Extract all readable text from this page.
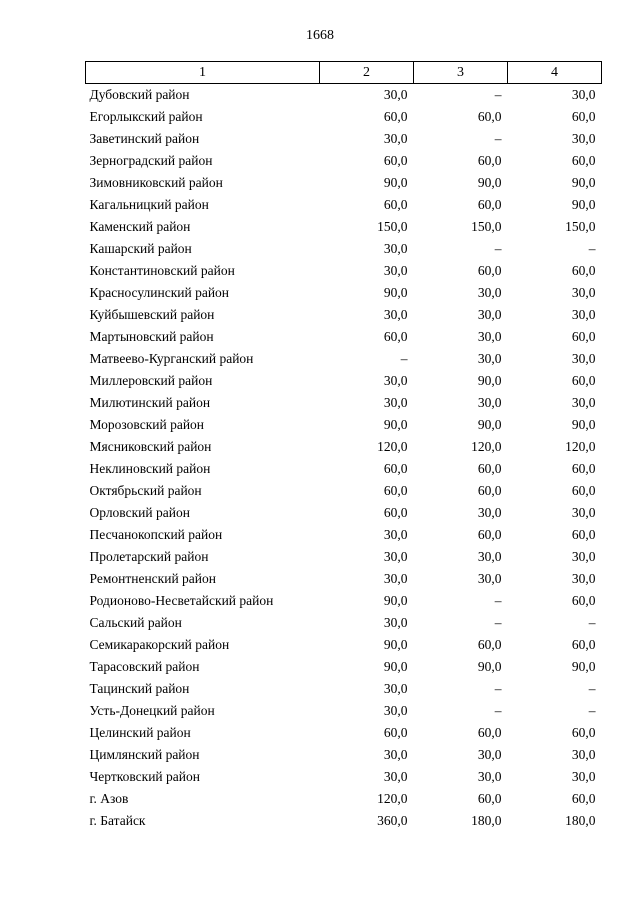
1668
1	2	3	4
Дубовский район	30,0	–	30,0
Егорлыкский район	60,0	60,0	60,0
Заветинский район	30,0	–	30,0
Зерноградский район	60,0	60,0	60,0
Зимовниковский район	90,0	90,0	90,0
Кагальницкий район	60,0	60,0	90,0
Каменский район	150,0	150,0	150,0
Кашарский район	30,0	–	–
Константиновский район	30,0	60,0	60,0
Красносулинский район	90,0	30,0	30,0
Куйбышевский район	30,0	30,0	30,0
Мартыновский район	60,0	30,0	60,0
Матвеево-Курганский район	–	30,0	30,0
Миллеровский район	30,0	90,0	60,0
Милютинский район	30,0	30,0	30,0
Морозовский район	90,0	90,0	90,0
Мясниковский район	120,0	120,0	120,0
Неклиновский район	60,0	60,0	60,0
Октябрьский район	60,0	60,0	60,0
Орловский район	60,0	30,0	30,0
Песчанокопский район	30,0	60,0	60,0
Пролетарский район	30,0	30,0	30,0
Ремонтненский район	30,0	30,0	30,0
Родионово-Несветайский район	90,0	–	60,0
Сальский район	30,0	–	–
Семикаракорский район	90,0	60,0	60,0
Тарасовский район	90,0	90,0	90,0
Тацинский район	30,0	–	–
Усть-Донецкий район	30,0	–	–
Целинский район	60,0	60,0	60,0
Цимлянский район	30,0	30,0	30,0
Чертковский район	30,0	30,0	30,0
г. Азов	120,0	60,0	60,0
г. Батайск	360,0	180,0	180,0
